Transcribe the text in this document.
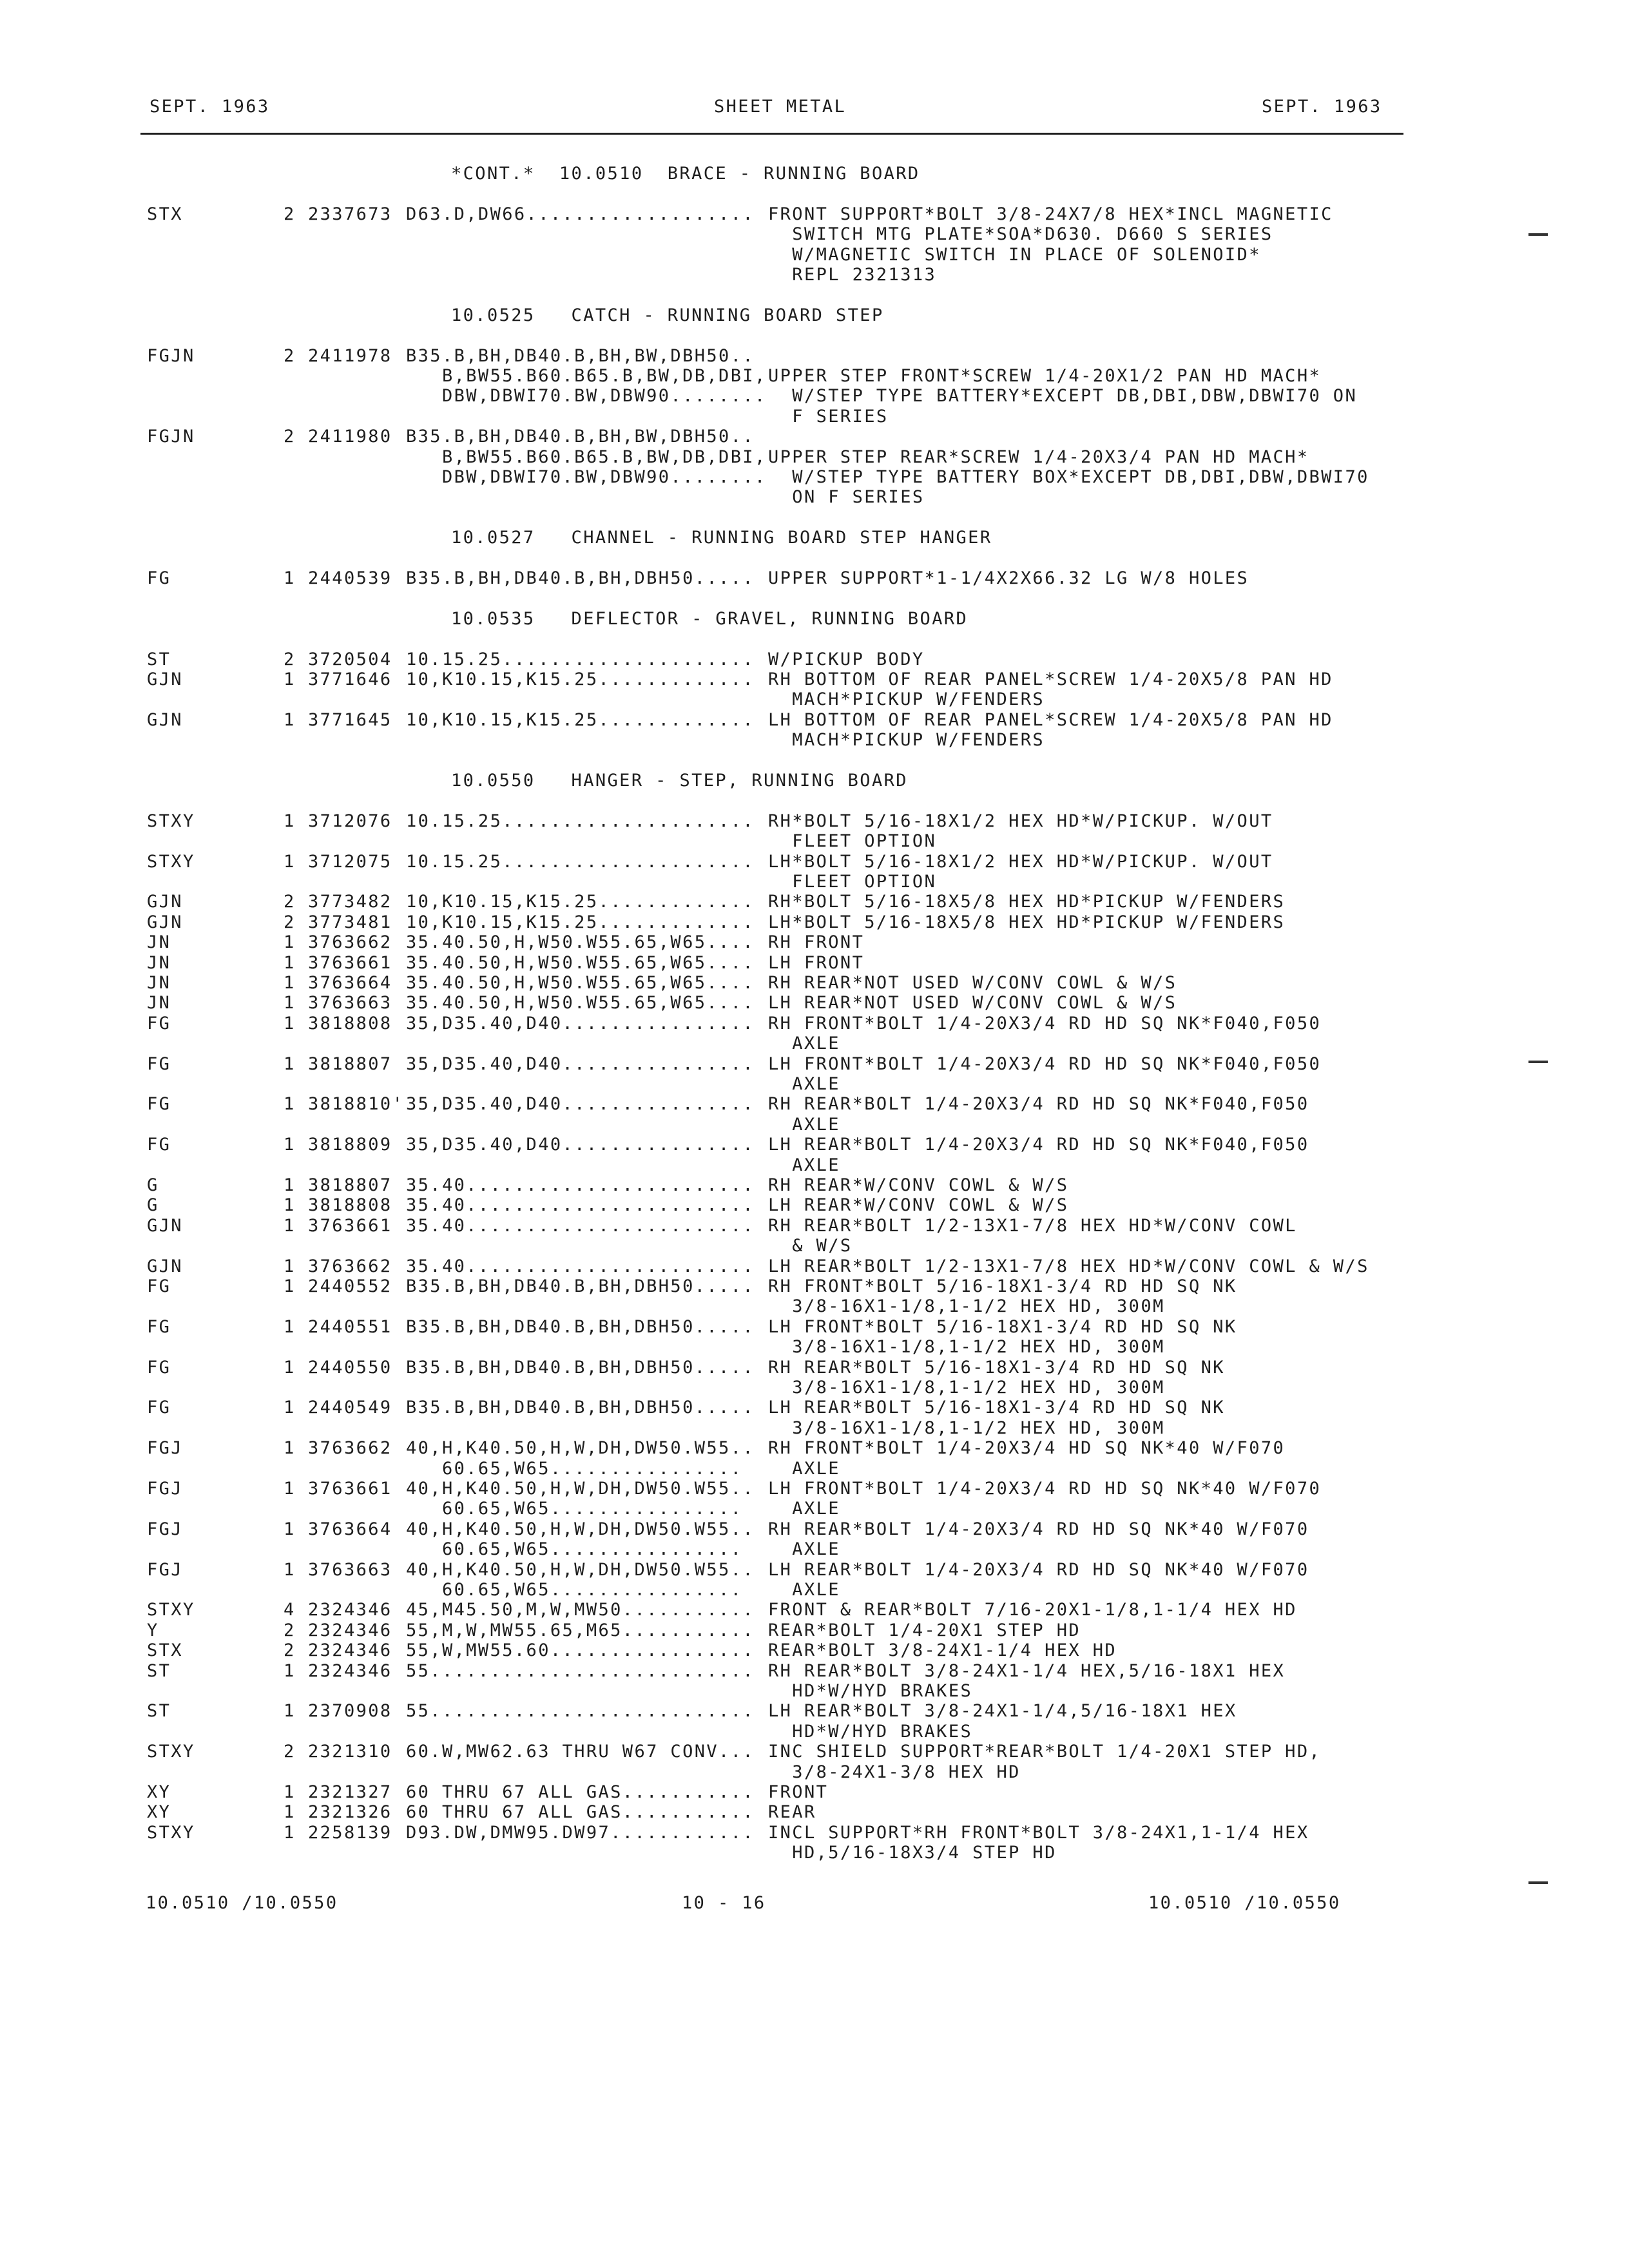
SEPT. 1963	SHEET METAL	SEPT. 1963
*CONT.*  10.0510  BRACE - RUNNING BOARD
STX	2 2337673 D63.D,DW66................... FRONT SUPPORT*BOLT 3/8-24X7/8 HEX*INCL MAGNETIC
SWITCH MTG PLATE*SOA*D630. D660 S SERIES
W/MAGNETIC SWITCH IN PLACE OF SOLENOID*
REPL 2321313
10.0525   CATCH - RUNNING BOARD STEP
FGJN	2 2411978 B35.B,BH,DB40.B,BH,BW,DBH50..
B,BW55.B60.B65.B,BW,DB,DBI, UPPER STEP FRONT*SCREW 1/4-20X1/2 PAN HD MACH*
DBW,DBWI70.BW,DBW90........ W/STEP TYPE BATTERY*EXCEPT DB,DBI,DBW,DBWI70 ON
F SERIES
FGJN	2 2411980 B35.B,BH,DB40.B,BH,BW,DBH50..
B,BW55.B60.B65.B,BW,DB,DBI, UPPER STEP REAR*SCREW 1/4-20X3/4 PAN HD MACH*
DBW,DBWI70.BW,DBW90........ W/STEP TYPE BATTERY BOX*EXCEPT DB,DBI,DBW,DBWI70
ON F SERIES
10.0527   CHANNEL - RUNNING BOARD STEP HANGER
FG	1 2440539 B35.B,BH,DB40.B,BH,DBH50..... UPPER SUPPORT*1-1/4X2X66.32 LG W/8 HOLES
10.0535   DEFLECTOR - GRAVEL, RUNNING BOARD
ST	2 3720504 10.15.25..................... W/PICKUP BODY
GJN	1 3771646 10,K10.15,K15.25............. RH BOTTOM OF REAR PANEL*SCREW 1/4-20X5/8 PAN HD
MACH*PICKUP W/FENDERS
GJN	1 3771645 10,K10.15,K15.25............. LH BOTTOM OF REAR PANEL*SCREW 1/4-20X5/8 PAN HD
MACH*PICKUP W/FENDERS
10.0550   HANGER - STEP, RUNNING BOARD
STXY	1 3712076 10.15.25..................... RH*BOLT 5/16-18X1/2 HEX HD*W/PICKUP. W/OUT
FLEET OPTION
STXY	1 3712075 10.15.25..................... LH*BOLT 5/16-18X1/2 HEX HD*W/PICKUP. W/OUT
FLEET OPTION
GJN	2 3773482 10,K10.15,K15.25............. RH*BOLT 5/16-18X5/8 HEX HD*PICKUP W/FENDERS
GJN	2 3773481 10,K10.15,K15.25............. LH*BOLT 5/16-18X5/8 HEX HD*PICKUP W/FENDERS
JN	1 3763662 35.40.50,H,W50.W55.65,W65.... RH FRONT
JN	1 3763661 35.40.50,H,W50.W55.65,W65.... LH FRONT
JN	1 3763664 35.40.50,H,W50.W55.65,W65.... RH REAR*NOT USED W/CONV COWL & W/S
JN	1 3763663 35.40.50,H,W50.W55.65,W65.... LH REAR*NOT USED W/CONV COWL & W/S
FG	1 3818808 35,D35.40,D40................ RH FRONT*BOLT 1/4-20X3/4 RD HD SQ NK*F040,F050
AXLE
FG	1 3818807 35,D35.40,D40................ LH FRONT*BOLT 1/4-20X3/4 RD HD SQ NK*F040,F050
AXLE
FG	1 3818810' 35,D35.40,D40................ RH REAR*BOLT 1/4-20X3/4 RD HD SQ NK*F040,F050
AXLE
FG	1 3818809 35,D35.40,D40................ LH REAR*BOLT 1/4-20X3/4 RD HD SQ NK*F040,F050
AXLE
G	1 3818807 35.40........................ RH REAR*W/CONV COWL & W/S
G	1 3818808 35.40........................ LH REAR*W/CONV COWL & W/S
GJN	1 3763661 35.40........................ RH REAR*BOLT 1/2-13X1-7/8 HEX HD*W/CONV COWL
& W/S
GJN	1 3763662 35.40........................ LH REAR*BOLT 1/2-13X1-7/8 HEX HD*W/CONV COWL & W/S
FG	1 2440552 B35.B,BH,DB40.B,BH,DBH50..... RH FRONT*BOLT 5/16-18X1-3/4 RD HD SQ NK
3/8-16X1-1/8,1-1/2 HEX HD, 300M
FG	1 2440551 B35.B,BH,DB40.B,BH,DBH50..... LH FRONT*BOLT 5/16-18X1-3/4 RD HD SQ NK
3/8-16X1-1/8,1-1/2 HEX HD, 300M
FG	1 2440550 B35.B,BH,DB40.B,BH,DBH50..... RH REAR*BOLT 5/16-18X1-3/4 RD HD SQ NK
3/8-16X1-1/8,1-1/2 HEX HD, 300M
FG	1 2440549 B35.B,BH,DB40.B,BH,DBH50..... LH REAR*BOLT 5/16-18X1-3/4 RD HD SQ NK
3/8-16X1-1/8,1-1/2 HEX HD, 300M
FGJ	1 3763662 40,H,K40.50,H,W,DH,DW50.W55.. RH FRONT*BOLT 1/4-20X3/4 HD SQ NK*40 W/F070
60.65,W65................ AXLE
FGJ	1 3763661 40,H,K40.50,H,W,DH,DW50.W55.. LH FRONT*BOLT 1/4-20X3/4 RD HD SQ NK*40 W/F070
60.65,W65................ AXLE
FGJ	1 3763664 40,H,K40.50,H,W,DH,DW50.W55.. RH REAR*BOLT 1/4-20X3/4 RD HD SQ NK*40 W/F070
60.65,W65................ AXLE
FGJ	1 3763663 40,H,K40.50,H,W,DH,DW50.W55.. LH REAR*BOLT 1/4-20X3/4 RD HD SQ NK*40 W/F070
60.65,W65................ AXLE
STXY	4 2324346 45,M45.50,M,W,MW50........... FRONT & REAR*BOLT 7/16-20X1-1/8,1-1/4 HEX HD
Y	2 2324346 55,M,W,MW55.65,M65........... REAR*BOLT 1/4-20X1 STEP HD
STX	2 2324346 55,W,MW55.60................. REAR*BOLT 3/8-24X1-1/4 HEX HD
ST	1 2324346 55........................... RH REAR*BOLT 3/8-24X1-1/4 HEX,5/16-18X1 HEX
HD*W/HYD BRAKES
ST	1 2370908 55........................... LH REAR*BOLT 3/8-24X1-1/4,5/16-18X1 HEX
HD*W/HYD BRAKES
STXY	2 2321310 60.W,MW62.63 THRU W67 CONV... INC SHIELD SUPPORT*REAR*BOLT 1/4-20X1 STEP HD,
3/8-24X1-3/8 HEX HD
XY	1 2321327 60 THRU 67 ALL GAS........... FRONT
XY	1 2321326 60 THRU 67 ALL GAS........... REAR
STXY	1 2258139 D93.DW,DMW95.DW97............ INCL SUPPORT*RH FRONT*BOLT 3/8-24X1,1-1/4 HEX
HD,5/16-18X3/4 STEP HD
10.0510 /10.0550	10 - 16	10.0510 /10.0550
